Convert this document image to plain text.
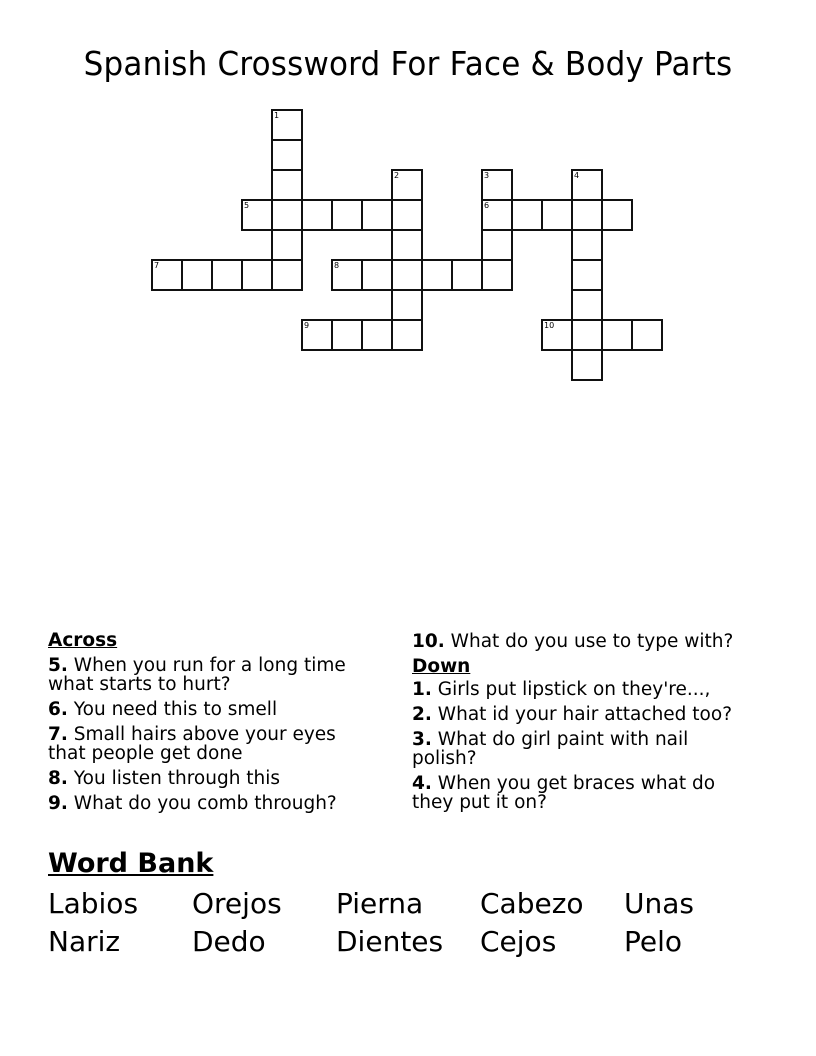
Spanish Crossword For Face & Body Parts
1
2	3
6
4
5
7	8
9	10
Across
5. When you run for a long time what starts to hurt?
6. You need this to smell
7. Small hairs above your eyes that people get done
8. You listen through this
9. What do you comb through?
10. What do you use to type with?
Down
1. Girls put lipstick on they're...,
2. What id your hair attached too?
3. What do girl paint with nail polish?
4. When you get braces what do they put it on?
Word Bank
Labios	Orejos	Pierna	Cabezo	Unas
Nariz	Dedo	Dientes	Cejos	Pelo
